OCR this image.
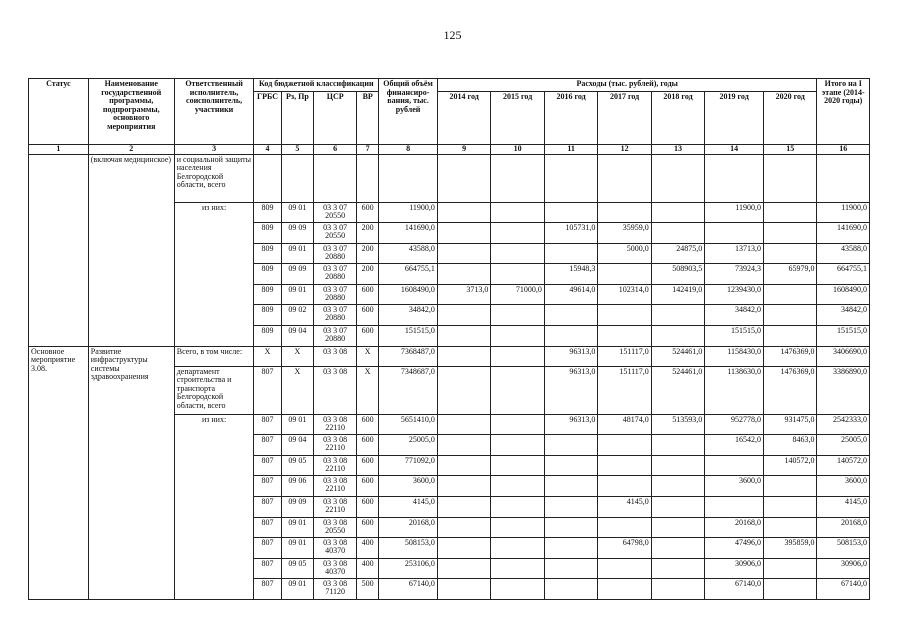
125
Статус	Наименование государственной программы, подпрограммы, основного мероприятия	Ответственный исполнитель, соисполнитель, участники	Код бюджетной классификации				Общий объём финансиро-вания, тыс. рублей	Расходы (тыс. рублей), годы							Итого на I этапе (2014-2020 годы)
			ГРБС	Рз, Пр	ЦСР	ВР		2014 год	2015 год	2016 год	2017 год	2018 год	2019 год	2020 год	
1	2	3	4	5	6	7	8	9	10	11	12	13	14	15	16
	(включая медицинское)	и социальной защиты населения Белгородской области, всего													
		из них:	809	09 01	03 3 07 20550	600	11900,0						11900,0		11900,0
			809	09 09	03 3 07 20550	200	141690,0			105731,0	35959,0				141690,0
			809	09 01	03 3 07 20880	200	43588,0				5000,0	24875,0	13713,0		43588,0
			809	09 09	03 3 07 20880	200	664755,1			15948,3		508903,5	73924,3	65979,0	664755,1
			809	09 01	03 3 07 20880	600	1608490,0	3713,0	71000,0	49614,0	102314,0	142419,0	1239430,0		1608490,0
			809	09 02	03 3 07 20880	600	34842,0						34842,0		34842,0
			809	09 04	03 3 07 20880	600	151515,0						151515,0		151515,0
Основное мероприятие 3.08.	Развитие инфраструктуры системы здравоохранения	Всего, в том числе:	X	X	03 3 08	X	7368487,0			96313,0	151117,0	524461,0	1158430,0	1476369,0	3406690,0
		департамент строительства и транспорта Белгородской области, всего	807	X	03 3 08	X	7348687,0			96313,0	151117,0	524461,0	1138630,0	1476369,0	3386890,0
		из них:	807	09 01	03 3 08 22110	600	5651410,0			96313,0	48174,0	513593,0	952778,0	931475,0	2542333,0
			807	09 04	03 3 08 22110	600	25005,0						16542,0	8463,0	25005,0
			807	09 05	03 3 08 22110	600	771092,0							140572,0	140572,0
			807	09 06	03 3 08 22110	600	3600,0						3600,0		3600,0
			807	09 09	03 3 08 22110	600	4145,0				4145,0				4145,0
			807	09 01	03 3 08 20550	600	20168,0						20168,0		20168,0
			807	09 01	03 3 08 40370	400	508153,0				64798,0		47496,0	395859,0	508153,0
			807	09 05	03 3 08 40370	400	253106,0						30906,0		30906,0
			807	09 01	03 3 08 71120	500	67140,0						67140,0		67140,0
